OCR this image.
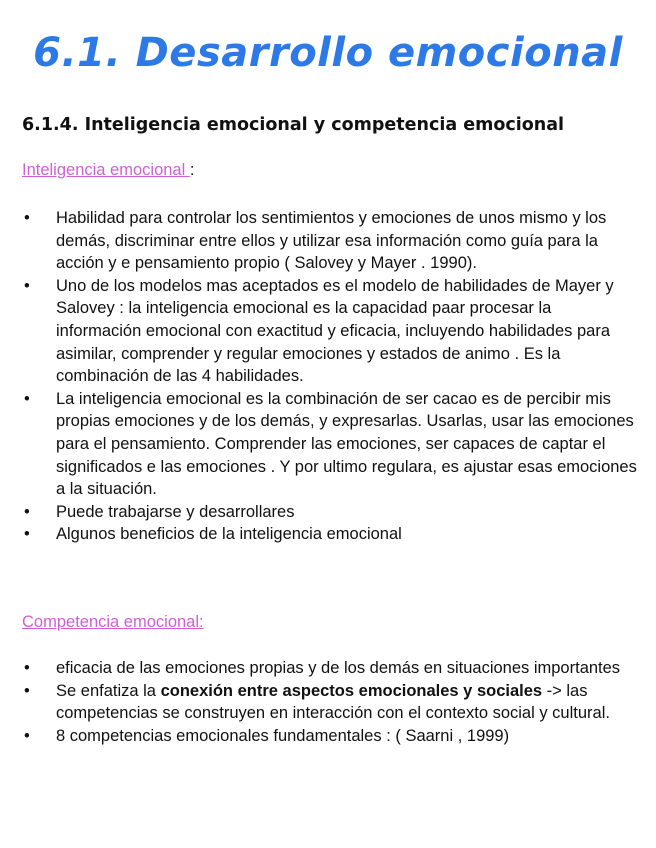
6.1. Desarrollo emocional
6.1.4. Inteligencia emocional y competencia emocional
Inteligencia emocional :
• Habilidad para controlar los sentimientos y emociones de unos mismo y los demás, discriminar entre ellos y utilizar esa información como guía para la acción y e pensamiento propio ( Salovey y Mayer . 1990).
• Uno de los modelos mas aceptados es el modelo de habilidades de Mayer y Salovey : la inteligencia emocional es la capacidad paar procesar la información emocional con exactitud y eficacia, incluyendo habilidades para asimilar, comprender y regular emociones y estados de animo . Es la combinación de las 4 habilidades.
• La inteligencia emocional es la combinación de ser cacao es de percibir mis propias emociones y de los demás, y expresarlas. Usarlas, usar las emociones para el pensamiento. Comprender las emociones, ser capaces de captar el significados e las emociones . Y por ultimo regulara, es ajustar esas emociones a la situación.
• Puede trabajarse y desarrollares
• Algunos beneficios de la inteligencia emocional
Competencia emocional:
• eficacia de las emociones propias y de los demás en situaciones importantes
• Se enfatiza la conexión entre aspectos emocionales y sociales -> las competencias se construyen en interacción con el contexto social y cultural.
• 8 competencias emocionales fundamentales : ( Saarni , 1999)
